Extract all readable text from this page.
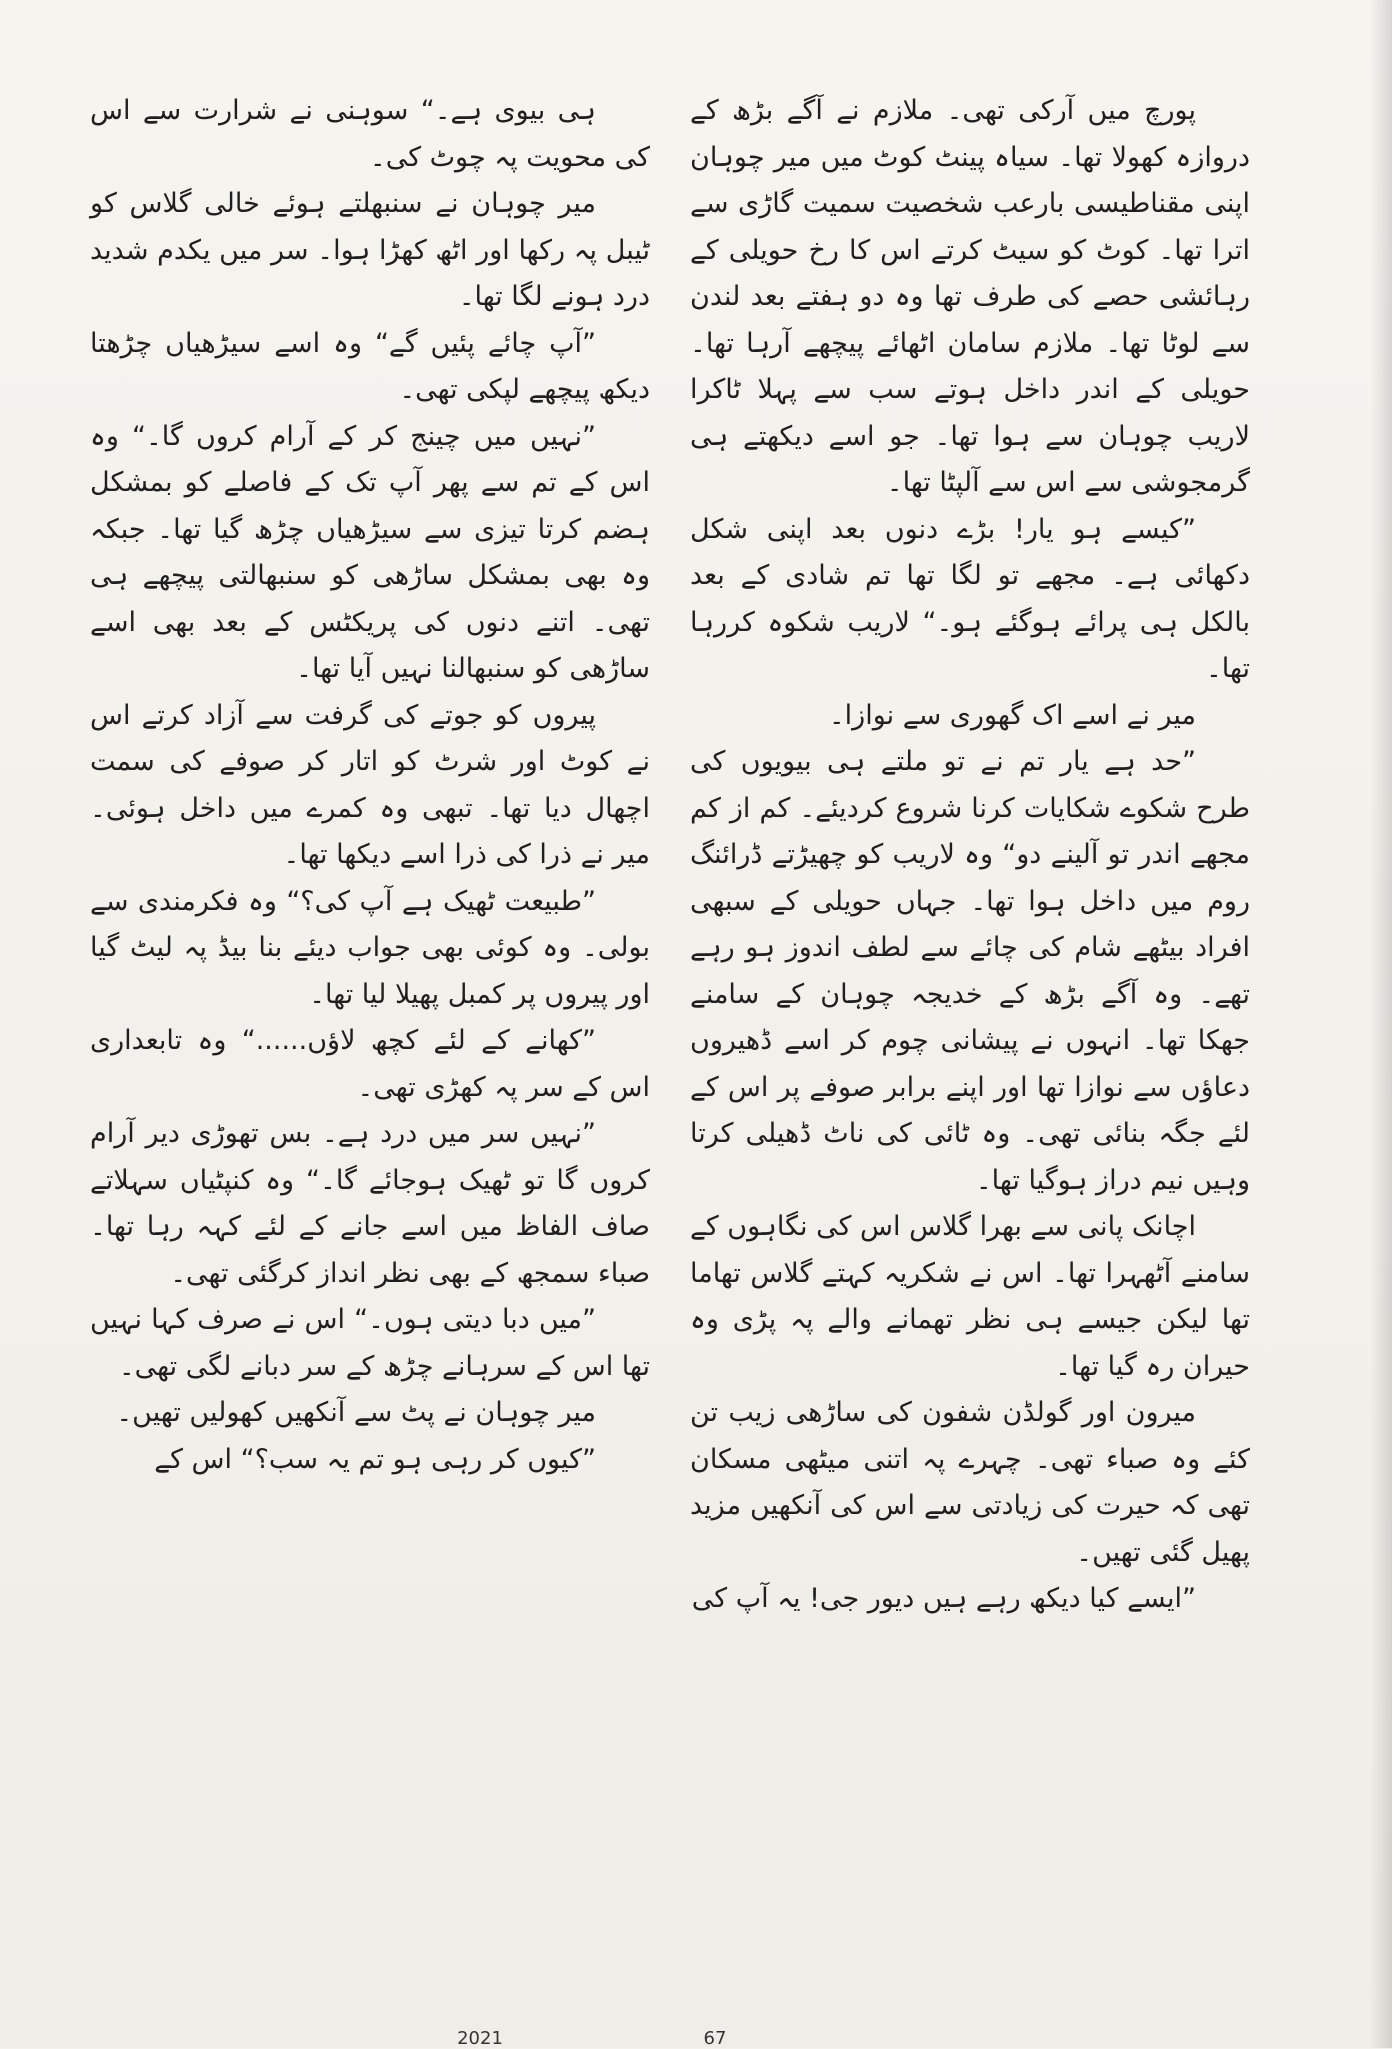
پورچ میں آرکی تھی۔ ملازم نے آگے بڑھ کے دروازہ کھولا تھا۔ سیاہ پینٹ کوٹ میں میر چوہان اپنی مقناطیسی بارعب شخصیت سمیت گاڑی سے اترا تھا۔ کوٹ کو سیٹ کرتے اس کا رخ حویلی کے رہائشی حصے کی طرف تھا وہ دو ہفتے بعد لندن سے لوٹا تھا۔ ملازم سامان اٹھائے پیچھے آرہا تھا۔ حویلی کے اندر داخل ہوتے سب سے پہلا ٹاکرا لاریب چوہان سے ہوا تھا۔ جو اسے دیکھتے ہی گرمجوشی سے اس سے آلپٹا تھا۔

”کیسے ہو یار! بڑے دنوں بعد اپنی شکل دکھائی ہے۔ مجھے تو لگا تھا تم شادی کے بعد بالکل ہی پرائے ہوگئے ہو۔“ لاریب شکوہ کررہا تھا۔

میر نے اسے اک گھوری سے نوازا۔

”حد ہے یار تم نے تو ملتے ہی بیویوں کی طرح شکوے شکایات کرنا شروع کردیئے۔ کم از کم مجھے اندر تو آلینے دو“ وہ لاریب کو چھیڑتے ڈرائنگ روم میں داخل ہوا تھا۔ جہاں حویلی کے سبھی افراد بیٹھے شام کی چائے سے لطف اندوز ہو رہے تھے۔ وہ آگے بڑھ کے خدیجہ چوہان کے سامنے جھکا تھا۔ انہوں نے پیشانی چوم کر اسے ڈھیروں دعاؤں سے نوازا تھا اور اپنے برابر صوفے پر اس کے لئے جگہ بنائی تھی۔ وہ ٹائی کی ناٹ ڈھیلی کرتا وہیں نیم دراز ہوگیا تھا۔

اچانک پانی سے بھرا گلاس اس کی نگاہوں کے سامنے آٹھہرا تھا۔ اس نے شکریہ کہتے گلاس تھاما تھا لیکن جیسے ہی نظر تھمانے والے پہ پڑی وہ حیران رہ گیا تھا۔

میرون اور گولڈن شفون کی ساڑھی زیب تن کئے وہ صباء تھی۔ چہرے پہ اتنی میٹھی مسکان تھی کہ حیرت کی زیادتی سے اس کی آنکھیں مزید پھیل گئی تھیں۔

”ایسے کیا دیکھ رہے ہیں دیور جی! یہ آپ کی

ہی بیوی ہے۔“ سوہنی نے شرارت سے اس کی محویت پہ چوٹ کی۔

میر چوہان نے سنبھلتے ہوئے خالی گلاس کو ٹیبل پہ رکھا اور اٹھ کھڑا ہوا۔ سر میں یکدم شدید درد ہونے لگا تھا۔

”آپ چائے پئیں گے“ وہ اسے سیڑھیاں چڑھتا دیکھ پیچھے لپکی تھی۔

”نہیں میں چینج کر کے آرام کروں گا۔“ وہ اس کے تم سے پھر آپ تک کے فاصلے کو بمشکل ہضم کرتا تیزی سے سیڑھیاں چڑھ گیا تھا۔ جبکہ وہ بھی بمشکل ساڑھی کو سنبھالتی پیچھے ہی تھی۔ اتنے دنوں کی پریکٹس کے بعد بھی اسے ساڑھی کو سنبھالنا نہیں آیا تھا۔

پیروں کو جوتے کی گرفت سے آزاد کرتے اس نے کوٹ اور شرٹ کو اتار کر صوفے کی سمت اچھال دیا تھا۔ تبھی وہ کمرے میں داخل ہوئی۔ میر نے ذرا کی ذرا اسے دیکھا تھا۔

”طبیعت ٹھیک ہے آپ کی؟“ وہ فکرمندی سے بولی۔ وہ کوئی بھی جواب دیئے بنا بیڈ پہ لیٹ گیا اور پیروں پر کمبل پھیلا لیا تھا۔

”کھانے کے لئے کچھ لاؤں......“ وہ تابعداری اس کے سر پہ کھڑی تھی۔

”نہیں سر میں درد ہے۔ بس تھوڑی دیر آرام کروں گا تو ٹھیک ہوجائے گا۔“ وہ کنپٹیاں سہلاتے صاف الفاظ میں اسے جانے کے لئے کہہ رہا تھا۔ صباء سمجھ کے بھی نظر انداز کرگئی تھی۔

”میں دبا دیتی ہوں۔“ اس نے صرف کہا نہیں تھا اس کے سرہانے چڑھ کے سر دبانے لگی تھی۔

میر چوہان نے پٹ سے آنکھیں کھولیں تھیں۔

”کیوں کر رہی ہو تم یہ سب؟“ اس کے

2021	67
